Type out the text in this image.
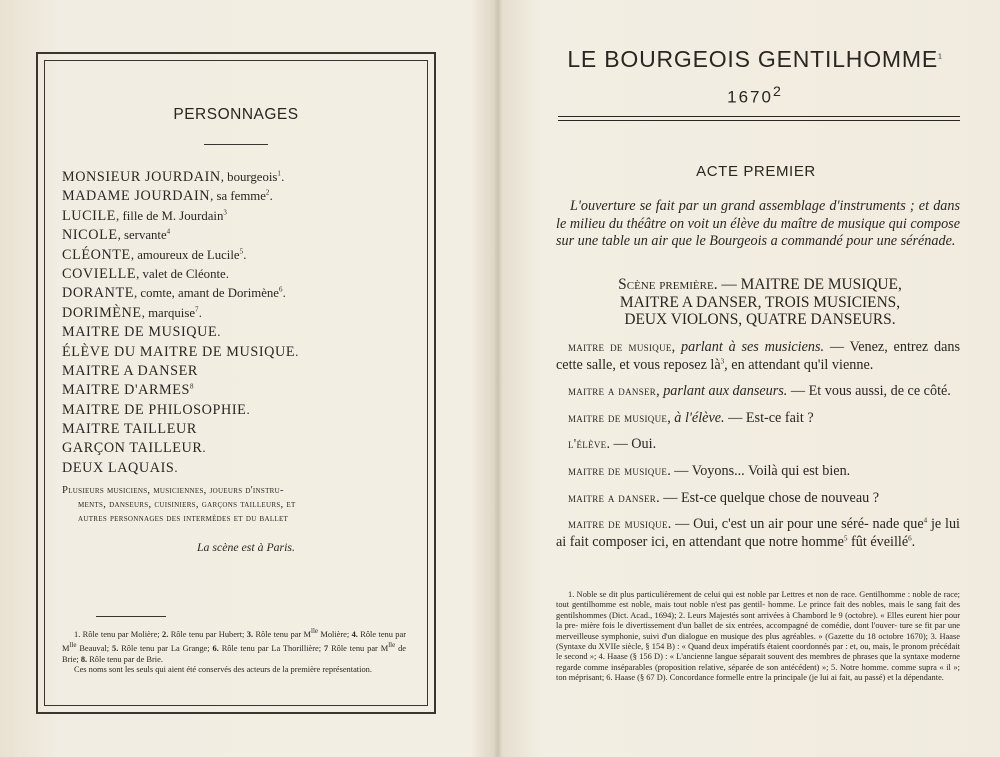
PERSONNAGES
MONSIEUR JOURDAIN, bourgeois$^1$.
MADAME JOURDAIN, sa femme$^2$.
LUCILE, fille de M. Jourdain$^3$
NICOLE, servante$^4$
CLÉONTE, amoureux de Lucile$^5$.
COVIELLE, valet de Cléonte.
DORANTE, comte, amant de Dorimène$^6$.
DORIMÈNE, marquise$^7$.
MAITRE DE MUSIQUE.
ÉLÈVE DU MAITRE DE MUSIQUE.
MAITRE A DANSER
MAITRE D'ARMES$^8$
MAITRE DE PHILOSOPHIE.
MAITRE TAILLEUR
GARÇON TAILLEUR.
DEUX LAQUAIS.
Plusieurs musiciens, musiciennes, joueurs d'instru-
ments, danseurs, cuisiniers, garçons tailleurs, et
autres personnages des intermèdes et du ballet
La scène est à Paris.

1. Rôle tenu par Molière; 2. Rôle tenu par Hubert; 3. Rôle tenu par $M^{lle}$ Molière; 4. Rôle tenu par $M^{lle}$ Beauval; 5. Rôle tenu par La Grange; 6. Rôle tenu par La Thorillière; 7 Rôle tenu par $M^{lle}$ de Brie; 8. Rôle tenu par de Brie.

Ces noms sont les seuls qui aient été conservés des acteurs de la première représentation.

LE BOURGEOIS GENTILHOMME$^1$
1670$^2$
ACTE PREMIER

L'ouverture se fait par un grand assemblage d'instruments ; et dans le milieu du théâtre on voit un élève du maître de musique qui compose sur une table un air que le Bourgeois a commandé pour une sérénade.

Scène première. — MAITRE DE MUSIQUE,
MAITRE A DANSER, TROIS MUSICIENS,
DEUX VIOLONS, QUATRE DANSEURS.

maitre de musique, parlant à ses musiciens. — Venez, entrez dans cette salle, et vous reposez $là^3$, en attendant qu'il vienne.

maitre a danser, parlant aux danseurs. — Et vous aussi, de ce côté.

maitre de musique, à l'élève. — Est-ce fait ?

l'élève. — Oui.

maitre de musique. — Voyons... Voilà qui est bien.

maitre a danser. — Est-ce quelque chose de nouveau ?

maitre de musique. — Oui, c'est un air pour une séré- nade que$^4$ je lui ai fait composer ici, en attendant que notre homme$^5$ fût éveillé$^6$.

1. Noble se dit plus particulièrement de celui qui est noble par Lettres et non de race. Gentilhomme : noble de race; tout gentilhomme est noble, mais tout noble n'est pas gentil- homme. Le prince fait des nobles, mais le sang fait des gentilshommes (Dict. Acad., 1694); 2. Leurs Majestés sont arrivées à Chambord le 9 (octobre). « Elles eurent hier pour la pre- mière fois le divertissement d'un ballet de six entrées, accompagné de comédie, dont l'ouver- ture se fit par une merveilleuse symphonie, suivi d'un dialogue en musique des plus agréables. » (Gazette du 18 octobre 1670); 3. Haase (Syntaxe du XVIIe siècle, § 154 B) : « Quand deux impératifs étaient coordonnés par : et, ou, mais, le pronom précédait le second »; 4. Haase (§ 156 D) : « L'ancienne langue séparait souvent des membres de phrases que la syntaxe moderne regarde comme inséparables (proposition relative, séparée de son antécédent) »; 5. Notre homme. comme supra « il »; ton méprisant; 6. Haase (§ 67 D). Concordance formelle entre la principale (je lui ai fait, au passé) et la dépendante.
